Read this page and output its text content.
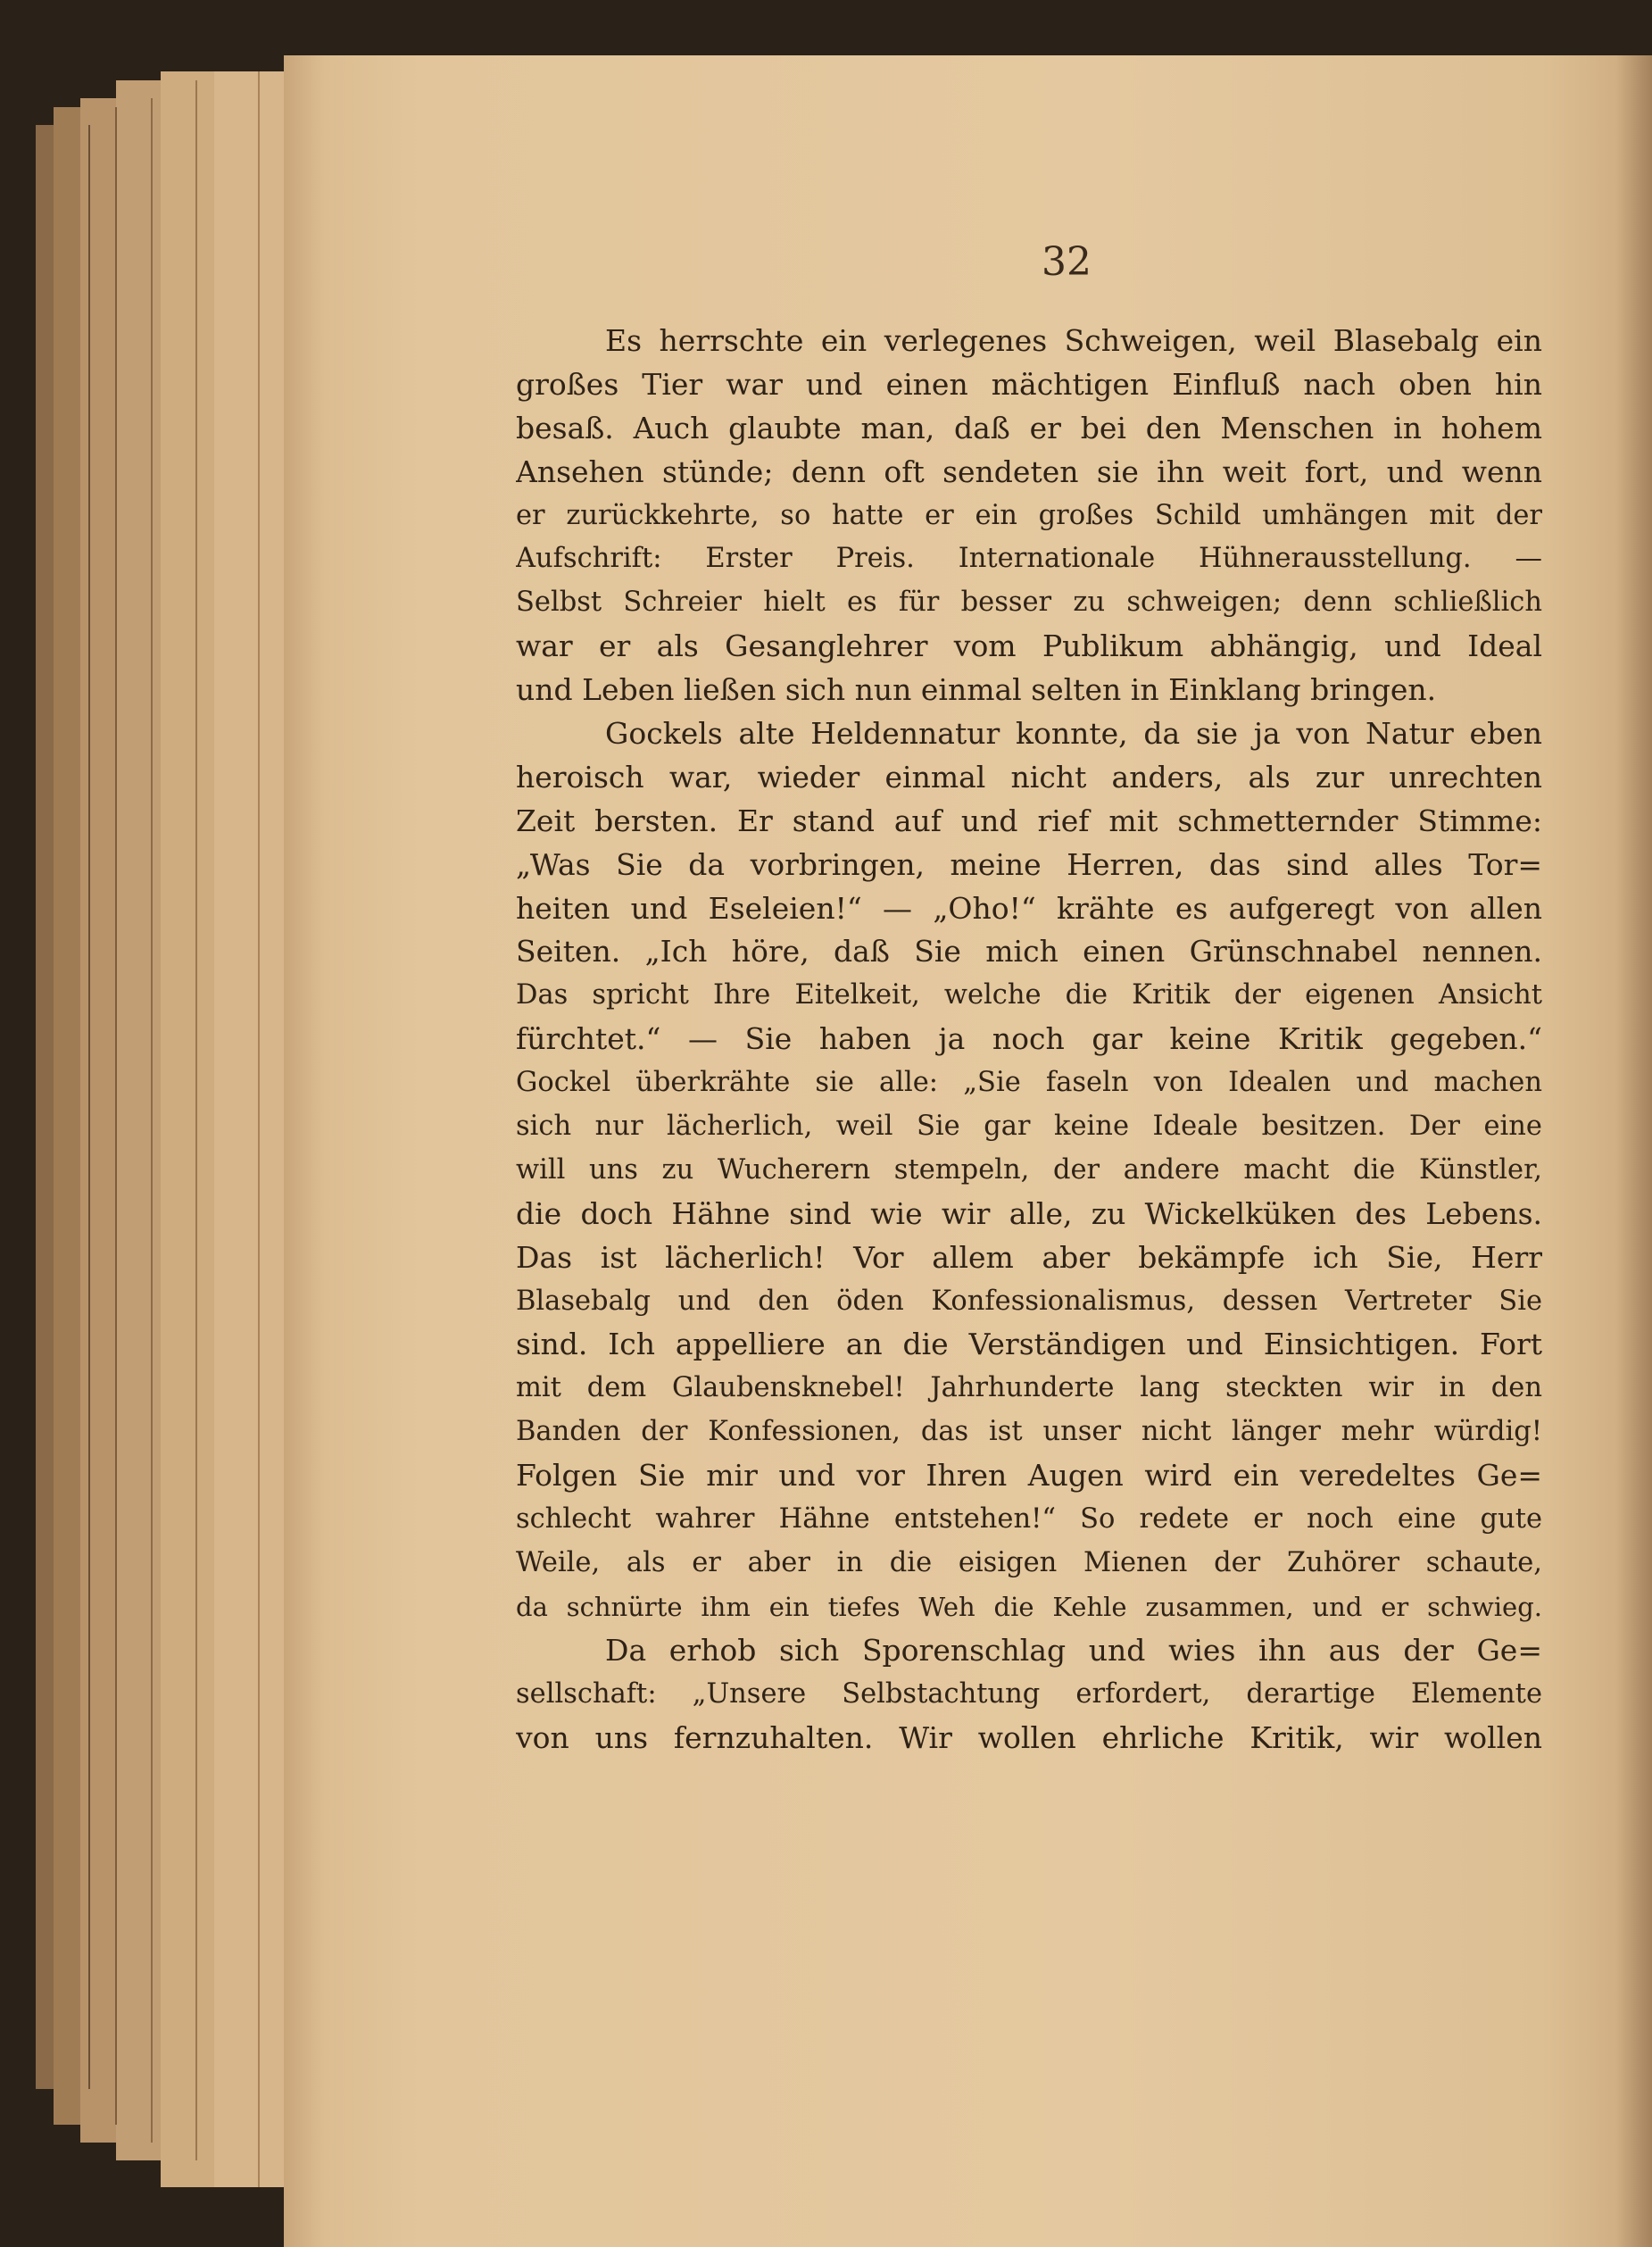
32

Es herrschte ein verlegenes Schweigen, weil Blasebalg ein

großes Tier war und einen mächtigen Einfluß nach oben hin

besaß. Auch glaubte man, daß er bei den Menschen in hohem

Ansehen stünde; denn oft sendeten sie ihn weit fort, und wenn

er zurückkehrte, so hatte er ein großes Schild umhängen mit der

Aufschrift: Erster Preis. Internationale Hühnerausstellung. —

Selbst Schreier hielt es für besser zu schweigen; denn schließlich

war er als Gesanglehrer vom Publikum abhängig, und Ideal

und Leben ließen sich nun einmal selten in Einklang bringen.

Gockels alte Heldennatur konnte, da sie ja von Natur eben

heroisch war, wieder einmal nicht anders, als zur unrechten

Zeit bersten. Er stand auf und rief mit schmetternder Stimme:

„Was Sie da vorbringen, meine Herren, das sind alles Tor=

heiten und Eseleien!“ — „Oho!“ krähte es aufgeregt von allen

Seiten. „Ich höre, daß Sie mich einen Grünschnabel nennen.

Das spricht Ihre Eitelkeit, welche die Kritik der eigenen Ansicht

fürchtet.“ — Sie haben ja noch gar keine Kritik gegeben.“

Gockel überkrähte sie alle: „Sie faseln von Idealen und machen

sich nur lächerlich, weil Sie gar keine Ideale besitzen. Der eine

will uns zu Wucherern stempeln, der andere macht die Künstler,

die doch Hähne sind wie wir alle, zu Wickelküken des Lebens.

Das ist lächerlich! Vor allem aber bekämpfe ich Sie, Herr

Blasebalg und den öden Konfessionalismus, dessen Vertreter Sie

sind. Ich appelliere an die Verständigen und Einsichtigen. Fort

mit dem Glaubensknebel! Jahrhunderte lang steckten wir in den

Banden der Konfessionen, das ist unser nicht länger mehr würdig!

Folgen Sie mir und vor Ihren Augen wird ein veredeltes Ge=

schlecht wahrer Hähne entstehen!“ So redete er noch eine gute

Weile, als er aber in die eisigen Mienen der Zuhörer schaute,

da schnürte ihm ein tiefes Weh die Kehle zusammen, und er schwieg.

Da erhob sich Sporenschlag und wies ihn aus der Ge=

sellschaft: „Unsere Selbstachtung erfordert, derartige Elemente

von uns fernzuhalten. Wir wollen ehrliche Kritik, wir wollen
